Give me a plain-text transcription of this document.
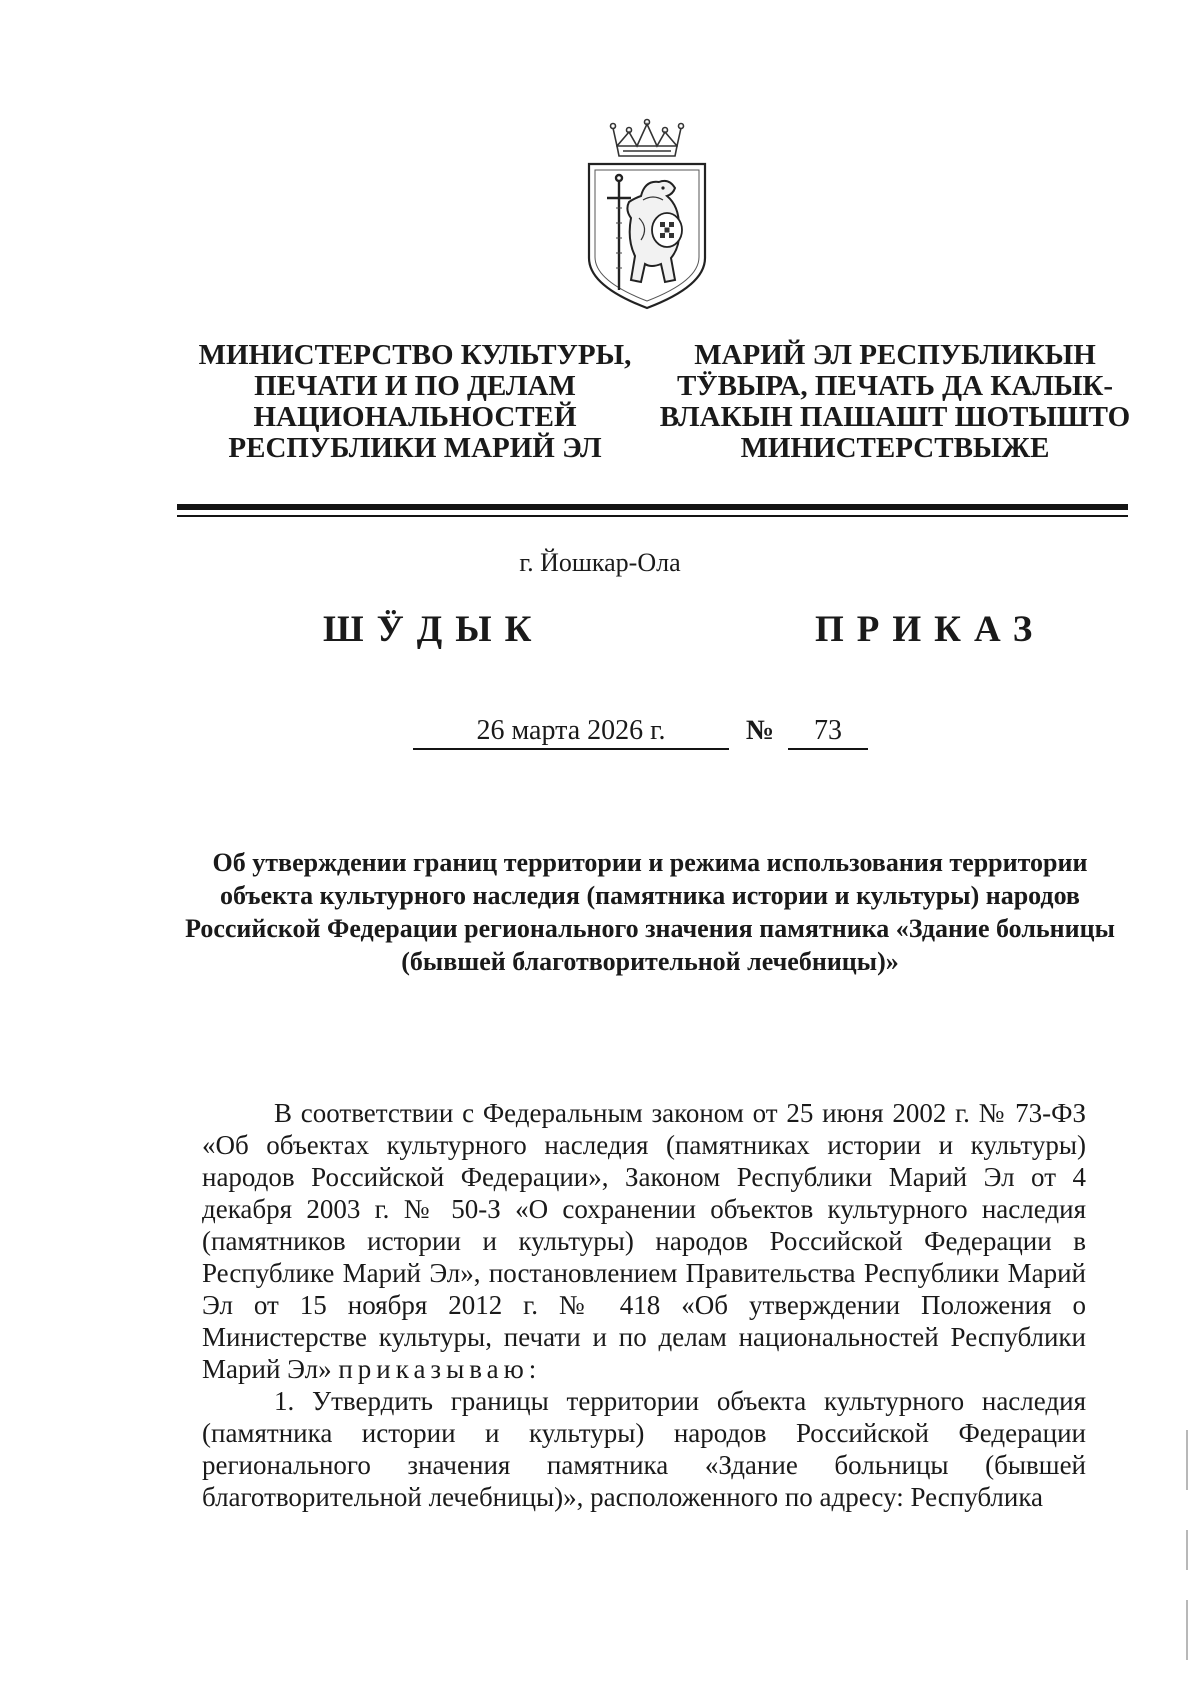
МИНИСТЕРСТВО КУЛЬТУРЫ,
ПЕЧАТИ И ПО ДЕЛАМ
НАЦИОНАЛЬНОСТЕЙ
РЕСПУБЛИКИ МАРИЙ ЭЛ
МАРИЙ ЭЛ РЕСПУБЛИКЫН
ТӰВЫРА, ПЕЧАТЬ ДА КАЛЫК-
ВЛАКЫН ПАШАШТ ШОТЫШТО
МИНИСТЕРСТВЫЖЕ
г. Йошкар-Ола
ШӰДЫК	ПРИКАЗ
26 марта 2026 г.	№	73
Об утверждении границ территории и режима использования территории объекта культурного наследия (памятника истории и культуры) народов Российской Федерации регионального значения памятника «Здание больницы (бывшей благотворительной лечебницы)»

В соответствии с Федеральным законом от 25 июня 2002 г. № 73-ФЗ «Об объектах культурного наследия (памятниках истории и культуры) народов Российской Федерации», Законом Республики Марий Эл от 4 декабря 2003 г. № 50-З «О сохранении объектов культурного наследия (памятников истории и культуры) народов Российской Федерации в Республике Марий Эл», постановлением Правительства Республики Марий Эл от 15 ноября 2012 г. № 418 «Об утверждении Положения о Министерстве культуры, печати и по делам национальностей Республики Марий Эл» приказываю:

1. Утвердить границы территории объекта культурного наследия (памятника истории и культуры) народов Российской Федерации регионального значения памятника «Здание больницы (бывшей благотворительной лечебницы)», расположенного по адресу: Республика
